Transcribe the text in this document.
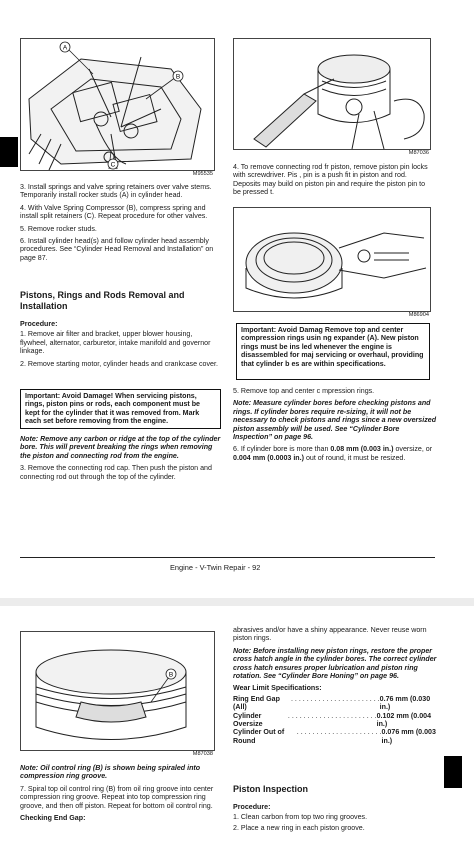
A
B
C
M95535

3. Install springs and valve spring retainers over valve stems. Temporarily install rocker studs (A) in cylinder head.

4. With Valve Spring Compressor (B), compress spring and install split retainers (C). Repeat procedure for other valves.

5. Remove rocker studs.

6. Install cylinder head(s) and follow cylinder head assembly procedures. See “Cylinder Head Removal and Installation” on page 87.

Pistons, Rings and Rods Removal and Installation

Procedure:

1. Remove air filter and bracket, upper blower housing, flywheel, alternator, carburetor, intake manifold and governor linkage.

2. Remove starting motor, cylinder heads and crankcase cover.

Important: Avoid Damage! When servicing pistons, rings, piston pins or rods, each component must be kept for the cylinder that it was removed from. Mark each set before removing from the engine.

Note: Remove any carbon or ridge at the top of the cylinder bore. This will prevent breaking the rings when removing the piston and connecting rod from the engine.

3. Remove the connecting rod cap. Then push the piston and connecting rod out through the top of the cylinder.

M87036
4. To remove connecting rod fr piston, remove piston pin locks with screwdriver. Pis , pin is a push fit in piston and rod. Deposits may build on piston pin and require the piston pin to be pressed t.
M86904
Important: Avoid Damag Remove top and center compression rings usin ng expander (A). New piston rings must be ins led whenever the engine is disassembled for maj servicing or overhaul, providing that cylinder b es are within specifications.

5. Remove top and center c mpression rings.

Note: Measure cylinder bores before checking pistons and rings. If cylinder bores require re-sizing, it will not be necessary to check pistons and rings since a new oversized piston assembly will be used. See “Cylinder Bore Inspection” on page 96.

6. If cylinder bore is more than 0.08 mm (0.003 in.) oversize, or 0.004 mm (0.0003 in.) out of round, it must be resized.

Engine - V-Twin Repair - 92
B
M87038

Note: Oil control ring (B) is shown being spiraled into compression ring groove.

7. Spiral top oil control ring (B) from oil ring groove into center compression ring groove. Repeat into top compression ring groove, and then off piston. Repeat for bottom oil control ring.

Checking End Gap:

abrasives and/or have a shiny appearance. Never reuse worn piston rings.

Note: Before installing new piston rings, restore the proper cross hatch angle in the cylinder bores. The correct cylinder cross hatch ensures proper lubrication and piston ring rotation. See “Cylinder Bore Honing” on page 96.

Wear Limit Specifications:

Ring End Gap (All)
. . . . . . . . . . . . . . . . . . . . . . . 0.76 mm (0.030 in.)
Cylinder Oversize
. . . . . . . . . . . . . . . . . . . . . . . 0.102 mm (0.004 in.)
Cylinder Out of Round
. . . . . . . . . . . . . . . . . . . . . . 0.076 mm (0.003 in.)
Piston Inspection

Procedure:

1. Clean carbon from top two ring grooves.

2. Place a new ring in each piston groove.
